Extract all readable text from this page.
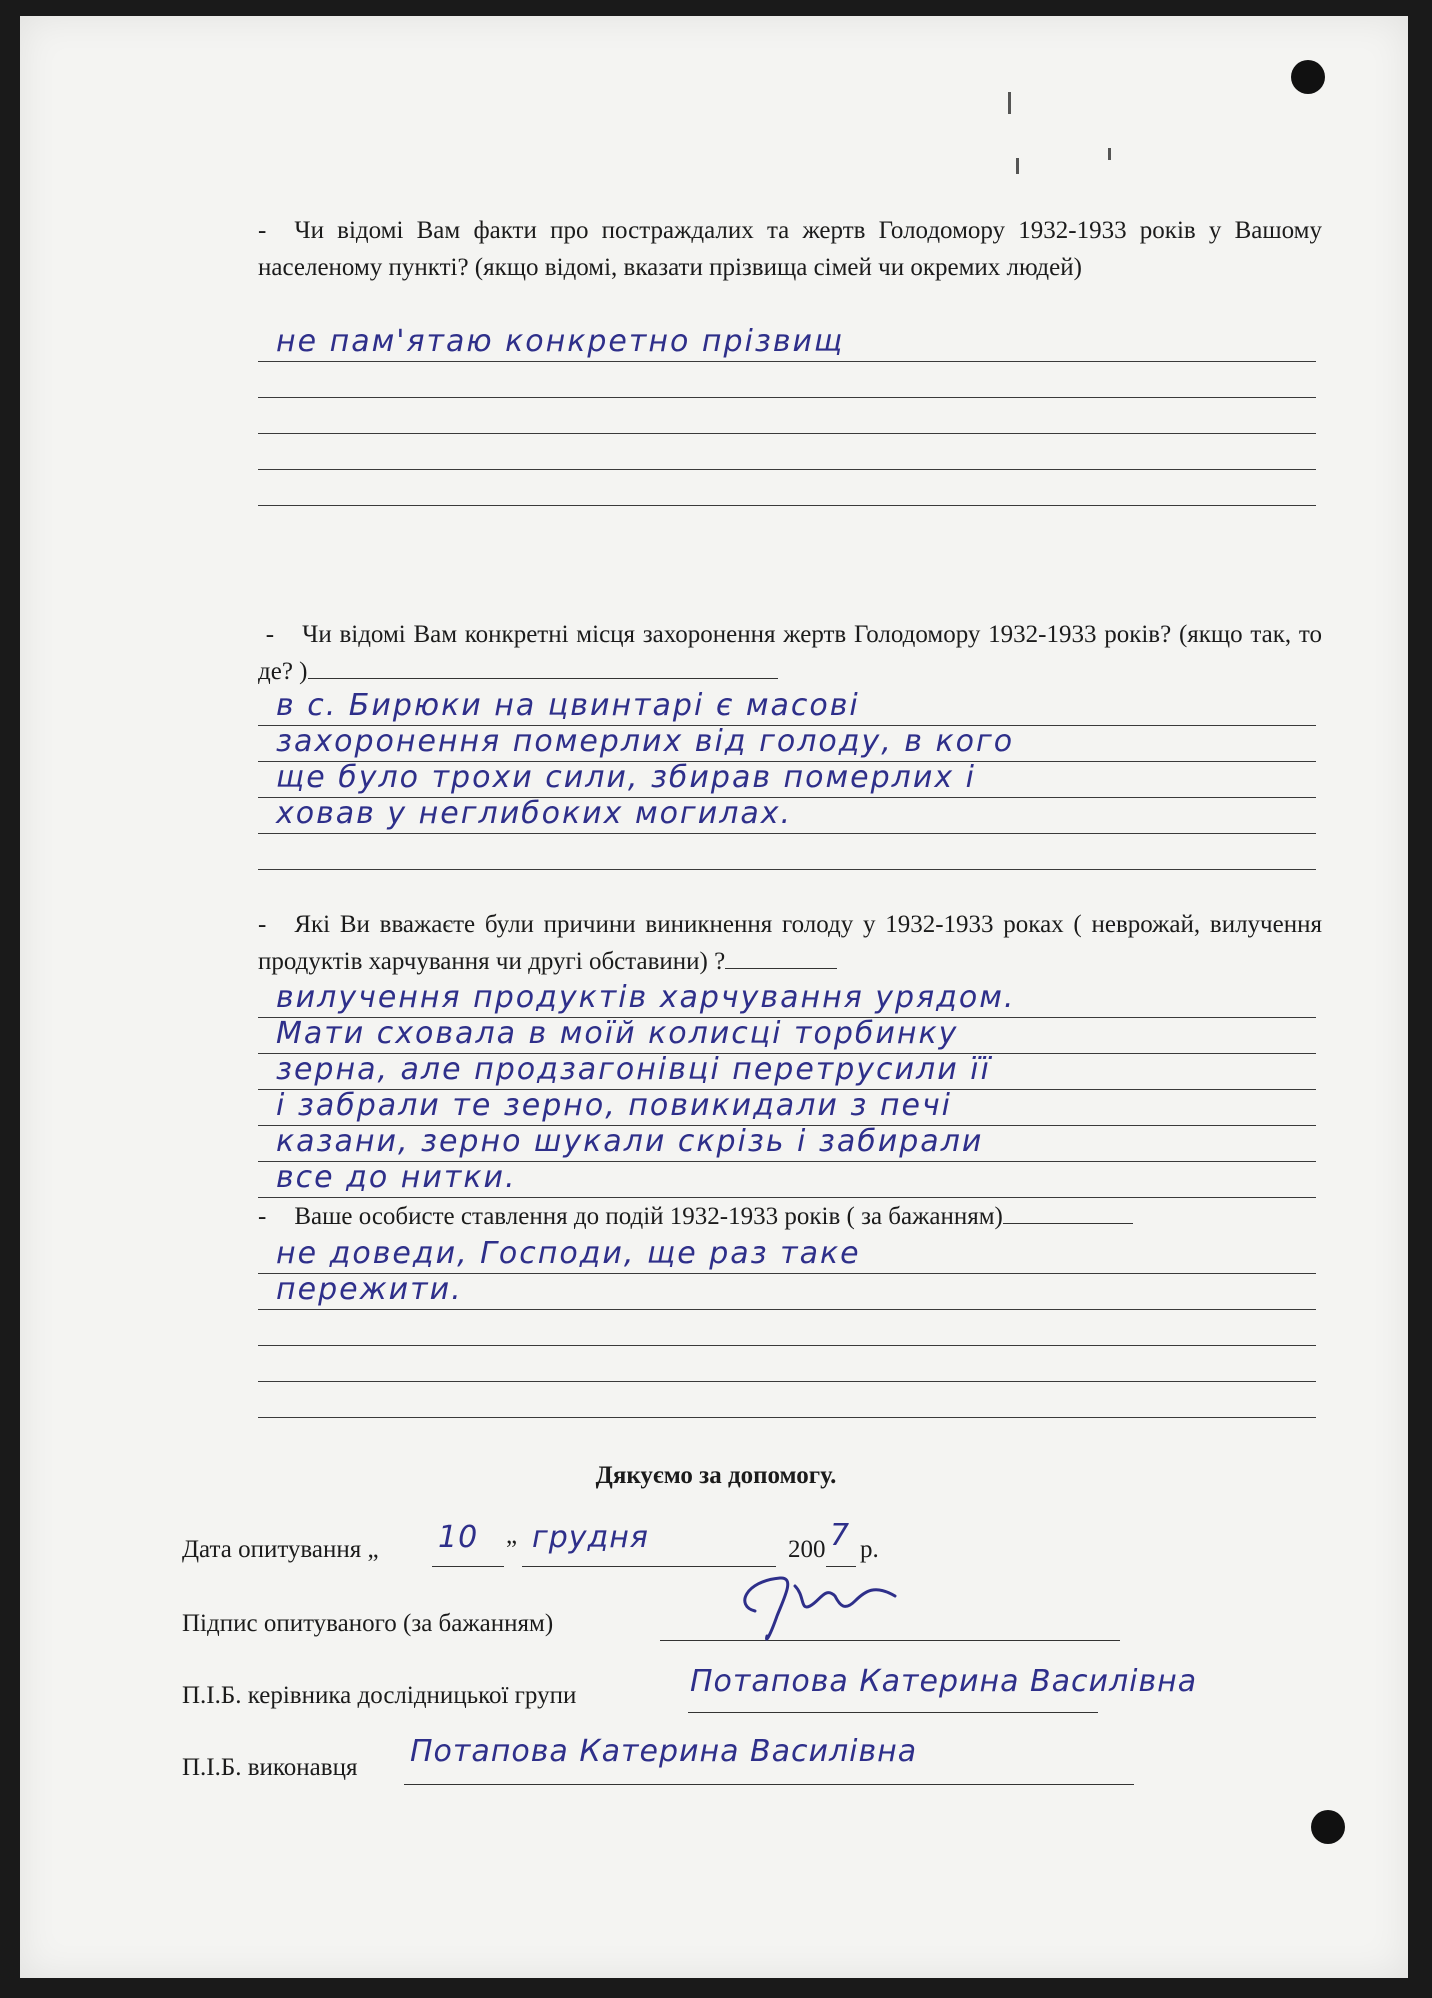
- Чи відомі Вам факти про постраждалих та жертв Голодомору 1932-1933 років у Вашому населеному пункті? (якщо відомі, вказати прізвища сімей чи окремих людей)
не пам'ятаю конкретно прізвищ
- Чи відомі Вам конкретні місця захоронення жертв Голодомору 1932-1933 років? (якщо так, то де? )
в с. Бирюки на цвинтарі є масові
захоронення померлих від голоду, в кого
ще було трохи сили, збирав померлих і
ховав у неглибоких могилах.
- Які Ви вважаєте були причини виникнення голоду у 1932-1933 роках ( неврожай, вилучення продуктів харчування чи другі обставини) ?
вилучення продуктів харчування урядом.
Мати сховала в моїй колисці торбинку
зерна, але продзагонівці перетрусили її
і забрали те зерно, повикидали з печі
казани, зерно шукали скрізь і забирали
все до нитки.
- Ваше особисте ставлення до подій 1932-1933 років ( за бажанням)
не доведи, Господи, ще раз таке
пережити.
Дякуємо за допомогу.
Дата опитування „ 10 ” грудня	200 7 р.
Підпис опитуваного (за бажанням)
П.І.Б. керівника дослідницької групи	Потапова Катерина Василівна
П.І.Б. виконавця Потапова Катерина Василівна
